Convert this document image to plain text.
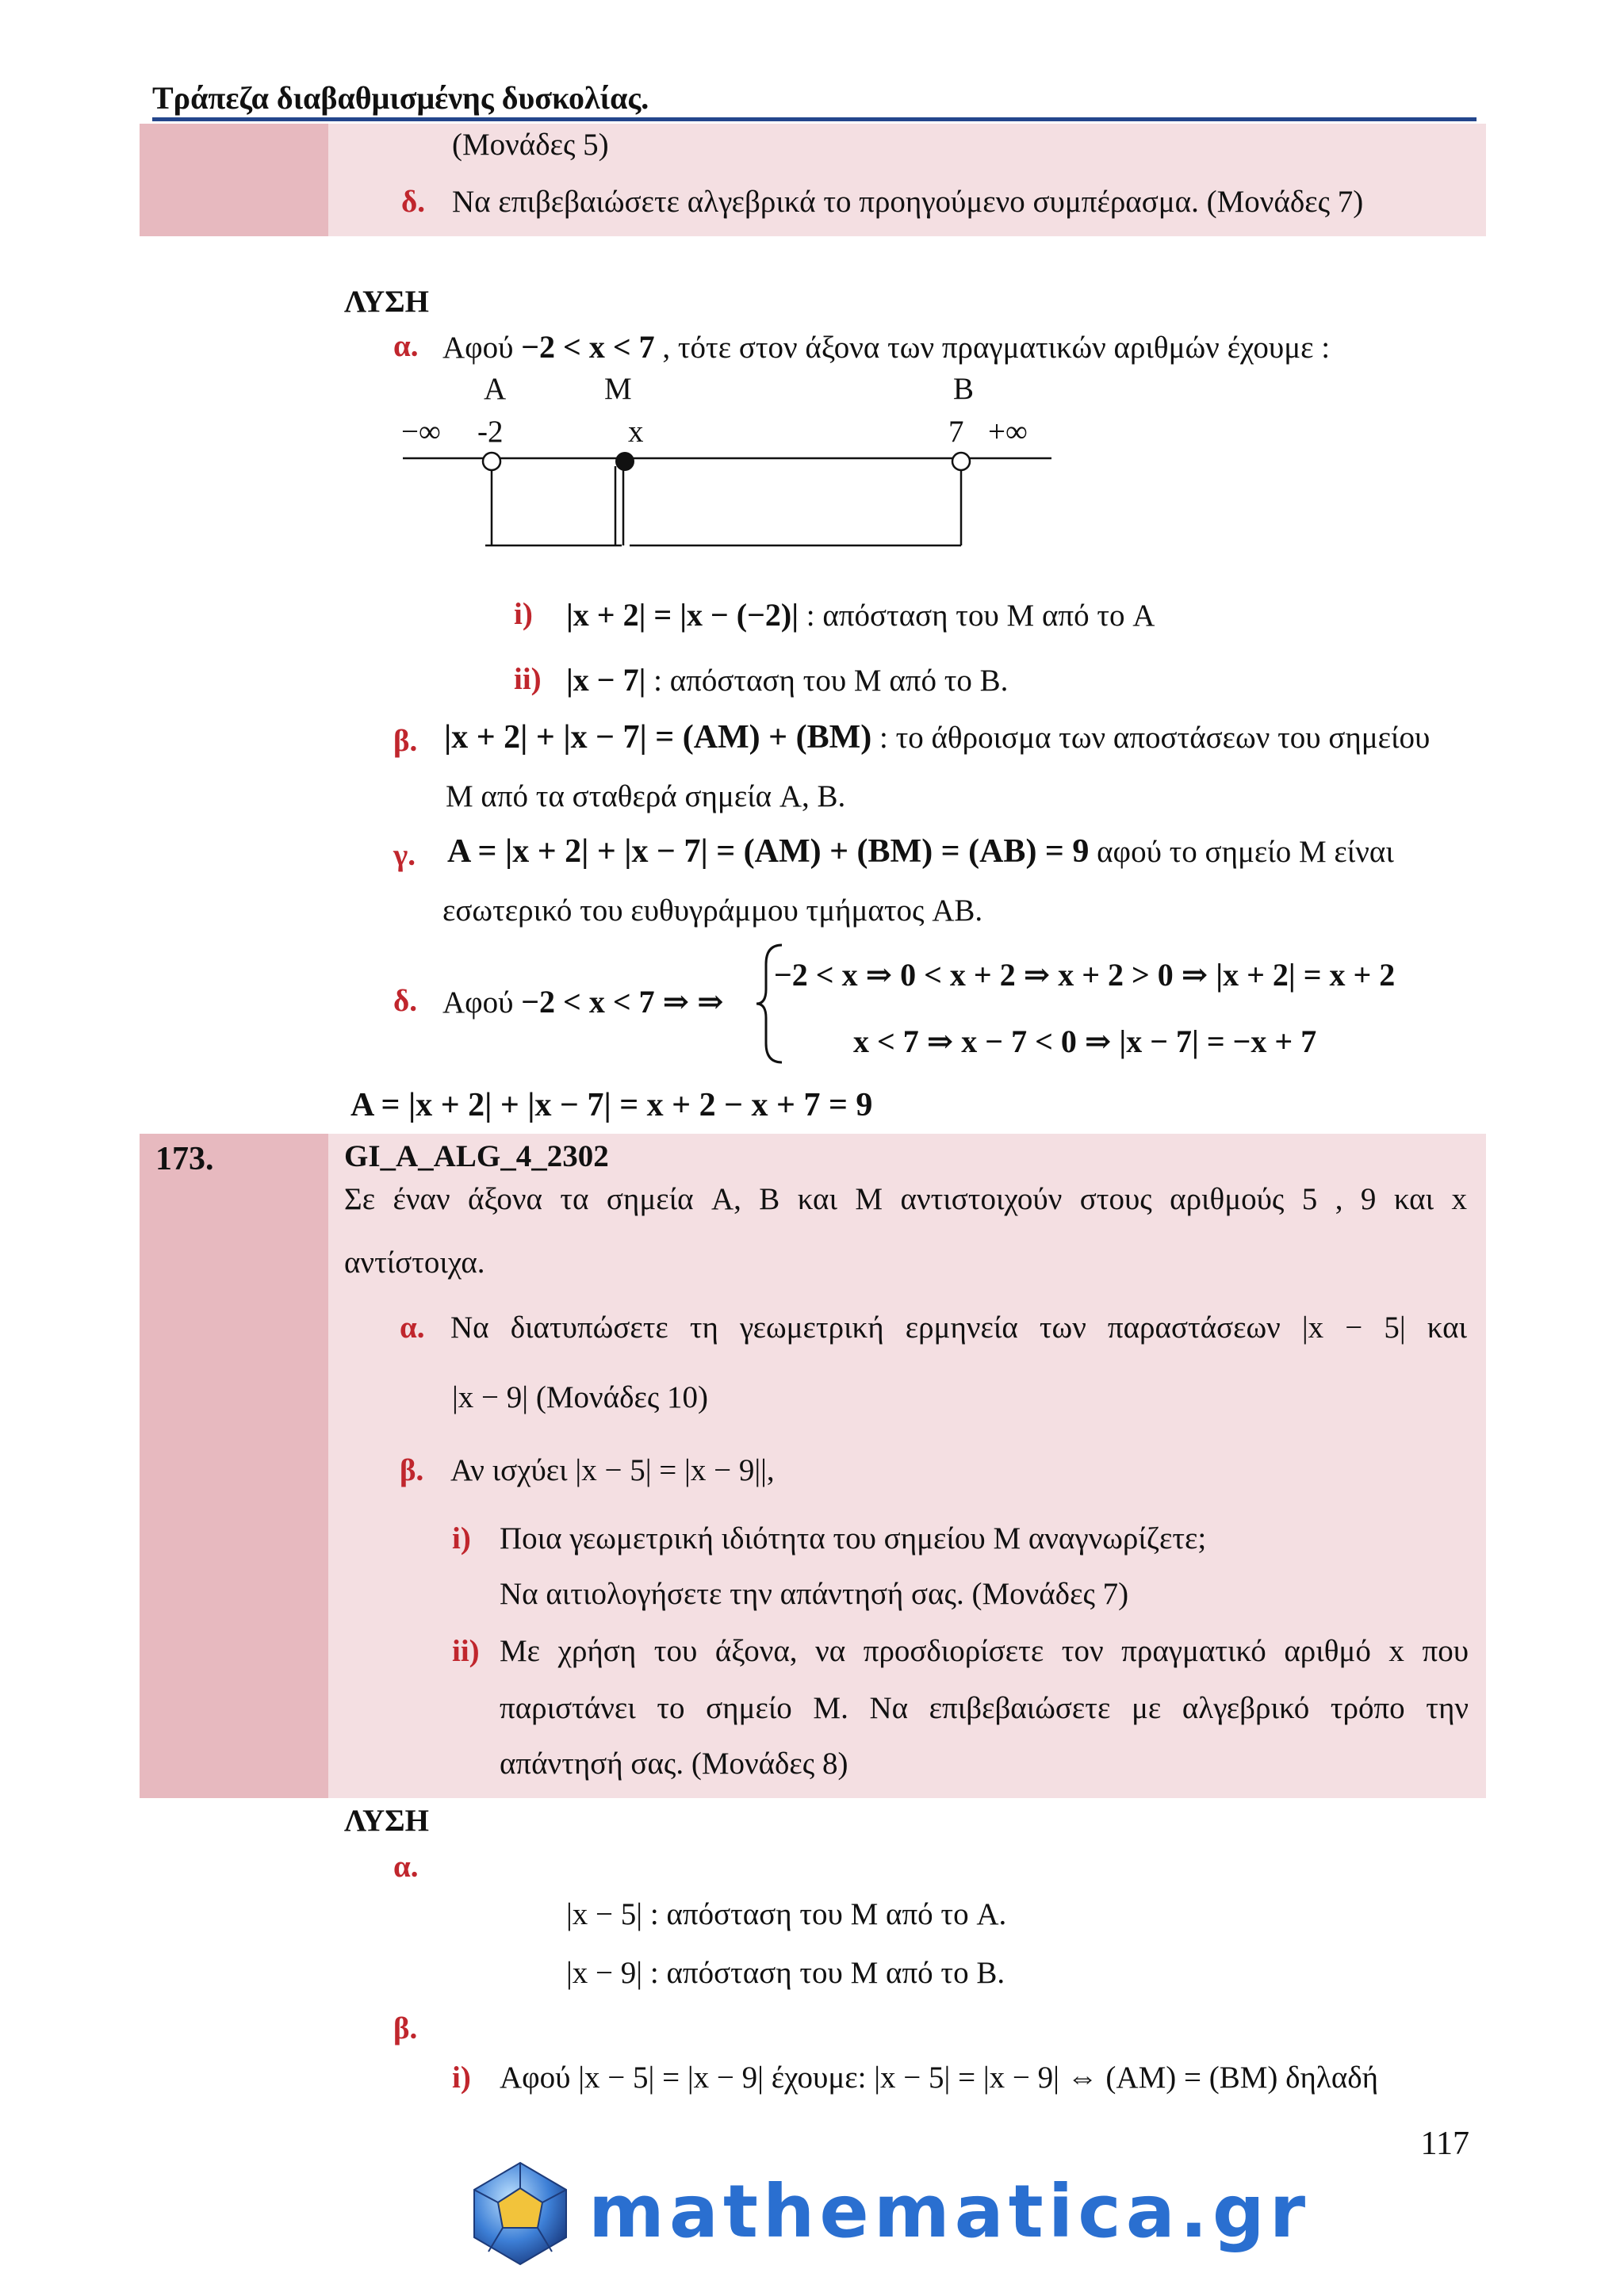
Τράπεζα διαβαθμισμένης δυσκολίας.
(Μονάδες 5)
δ. Να επιβεβαιώσετε αλγεβρικά το προηγούμενο συμπέρασμα. (Μονάδες 7)
ΛΥΣΗ
α. Αφού −2 < x < 7 , τότε στον άξονα των πραγματικών αριθμών έχουμε :
A	M	B
−∞ -2	x	7 +∞
i) |x + 2| = |x − (−2)| : απόσταση του M από το A
ii) |x − 7| : απόσταση του M από το B.
β. |x + 2| + |x − 7| = (AM) + (BM) : το άθροισμα των αποστάσεων του σημείου
M από τα σταθερά σημεία A, B.
γ. A = |x + 2| + |x − 7| = (AM) + (BM) = (AB) = 9 αφού το σημείο M είναι
εσωτερικό του ευθυγράμμου τμήματος AB.
δ. Αφού −2 < x < 7 ⇒ ⇒
−2 < x ⇒ 0 < x + 2 ⇒ x + 2 > 0 ⇒ |x + 2| = x + 2
x < 7 ⇒ x − 7 < 0 ⇒ |x − 7| = −x + 7
A = |x + 2| + |x − 7| = x + 2 − x + 7 = 9
173.	GI_A_ALG_4_2302
Σε έναν άξονα τα σημεία A, B και M αντιστοιχούν στους αριθμούς 5 , 9 και x
αντίστοιχα.
α. Να διατυπώσετε τη γεωμετρική ερμηνεία των παραστάσεων |x − 5| και
|x − 9| (Μονάδες 10)
β. Αν ισχύει |x − 5| = |x − 9||,
i) Ποια γεωμετρική ιδιότητα του σημείου M αναγνωρίζετε;
Να αιτιολογήσετε την απάντησή σας. (Μονάδες 7)
ii) Με χρήση του άξονα, να προσδιορίσετε τον πραγματικό αριθμό x που
παριστάνει το σημείο M. Να επιβεβαιώσετε με αλγεβρικό τρόπο την
απάντησή σας. (Μονάδες 8)
ΛΥΣΗ
α.
|x − 5| : απόσταση του M από το A.
|x − 9| : απόσταση του M από το B.
β.
i) Αφού |x − 5| = |x − 9| έχουμε: |x − 5| = |x − 9| ⇔ (AM) = (BM) δηλαδή
117
mathematica.gr
